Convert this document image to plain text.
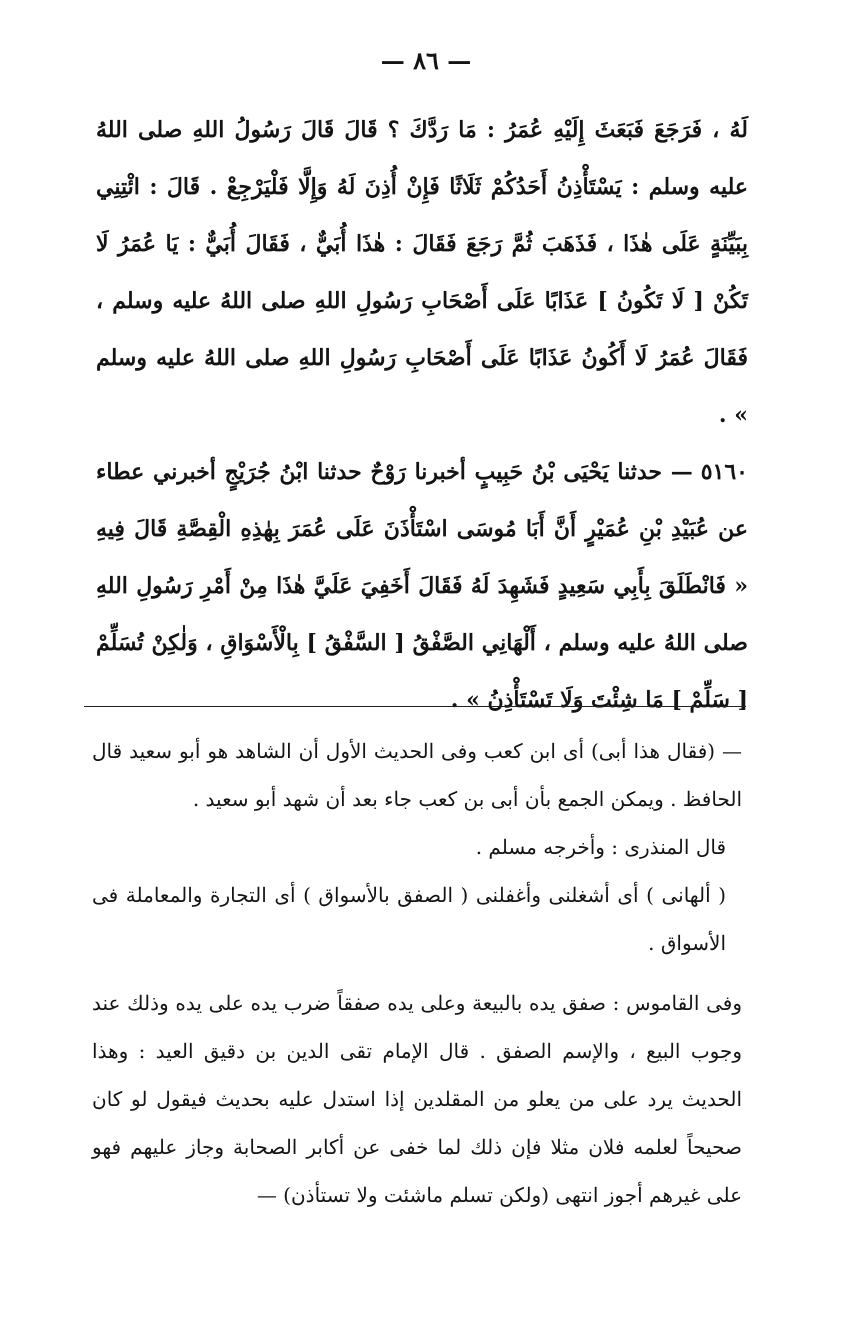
— ٨٦ —

لَهُ ، فَرَجَعَ فَبَعَثَ إِلَيْهِ عُمَرُ : مَا رَدَّكَ ؟ قَالَ قَالَ رَسُولُ اللهِ صلى اللهُ عليه وسلم : يَسْتَأْذِنُ أَحَدُكُمْ ثَلَاثًا فَإِنْ أُذِنَ لَهُ وَإِلَّا فَلْيَرْجِعْ . قَالَ : ائْتِنِي بِبَيِّنَةٍ عَلَى هٰذَا ، فَذَهَبَ ثُمَّ رَجَعَ فَقَالَ : هٰذَا أُبَيٌّ ، فَقَالَ أُبَيٌّ : يَا عُمَرُ لَا تَكُنْ [ لَا تَكُونُ ] عَذَابًا عَلَى أَصْحَابِ رَسُولِ اللهِ صلى اللهُ عليه وسلم ، فَقَالَ عُمَرُ لَا أَكُونُ عَذَابًا عَلَى أَصْحَابِ رَسُولِ اللهِ صلى اللهُ عليه وسلم » .

٥١٦٠— حدثنا يَحْيَى بْنُ حَبِيبٍ أخبرنا رَوْحٌ حدثنا ابْنُ جُرَيْجٍ أخبرني عطاء عن عُبَيْدِ بْنِ عُمَيْرٍ أَنَّ أَبَا مُوسَى اسْتَأْذَنَ عَلَى عُمَرَ بِهٰذِهِ الْقِصَّةِ قَالَ فِيهِ « فَانْطَلَقَ بِأَبِي سَعِيدٍ فَشَهِدَ لَهُ فَقَالَ أَخَفِيَ عَلَيَّ هٰذَا مِنْ أَمْرِ رَسُولِ اللهِ صلى اللهُ عليه وسلم ، أَلْهَانِي الصَّفْقُ [ السَّفْقُ ] بِالْأَسْوَاقِ ، وَلٰكِنْ تُسَلِّمْ [ سَلِّمْ ] مَا شِئْتَ وَلَا تَسْتَأْذِنُ » .

— (فقال هذا أبى) أى ابن كعب وفى الحديث الأول أن الشاهد هو أبو سعيد قال الحافظ . ويمكن الجمع بأن أبى بن كعب جاء بعد أن شهد أبو سعيد .

قال المنذرى : وأخرجه مسلم .

( ألهانى ) أى أشغلنى وأغفلنى ( الصفق بالأسواق ) أى التجارة والمعاملة فى الأسواق .

وفى القاموس : صفق يده بالبيعة وعلى يده صفقاً ضرب يده على يده وذلك عند وجوب البيع ، والإسم الصفق . قال الإمام تقى الدين بن دقيق العيد : وهذا الحديث يرد على من يعلو من المقلدين إذا استدل عليه بحديث فيقول لو كان صحيحاً لعلمه فلان مثلا فإن ذلك لما خفى عن أكابر الصحابة وجاز عليهم فهو على غيرهم أجوز انتهى (ولكن تسلم ماشئت ولا تستأذن) —
